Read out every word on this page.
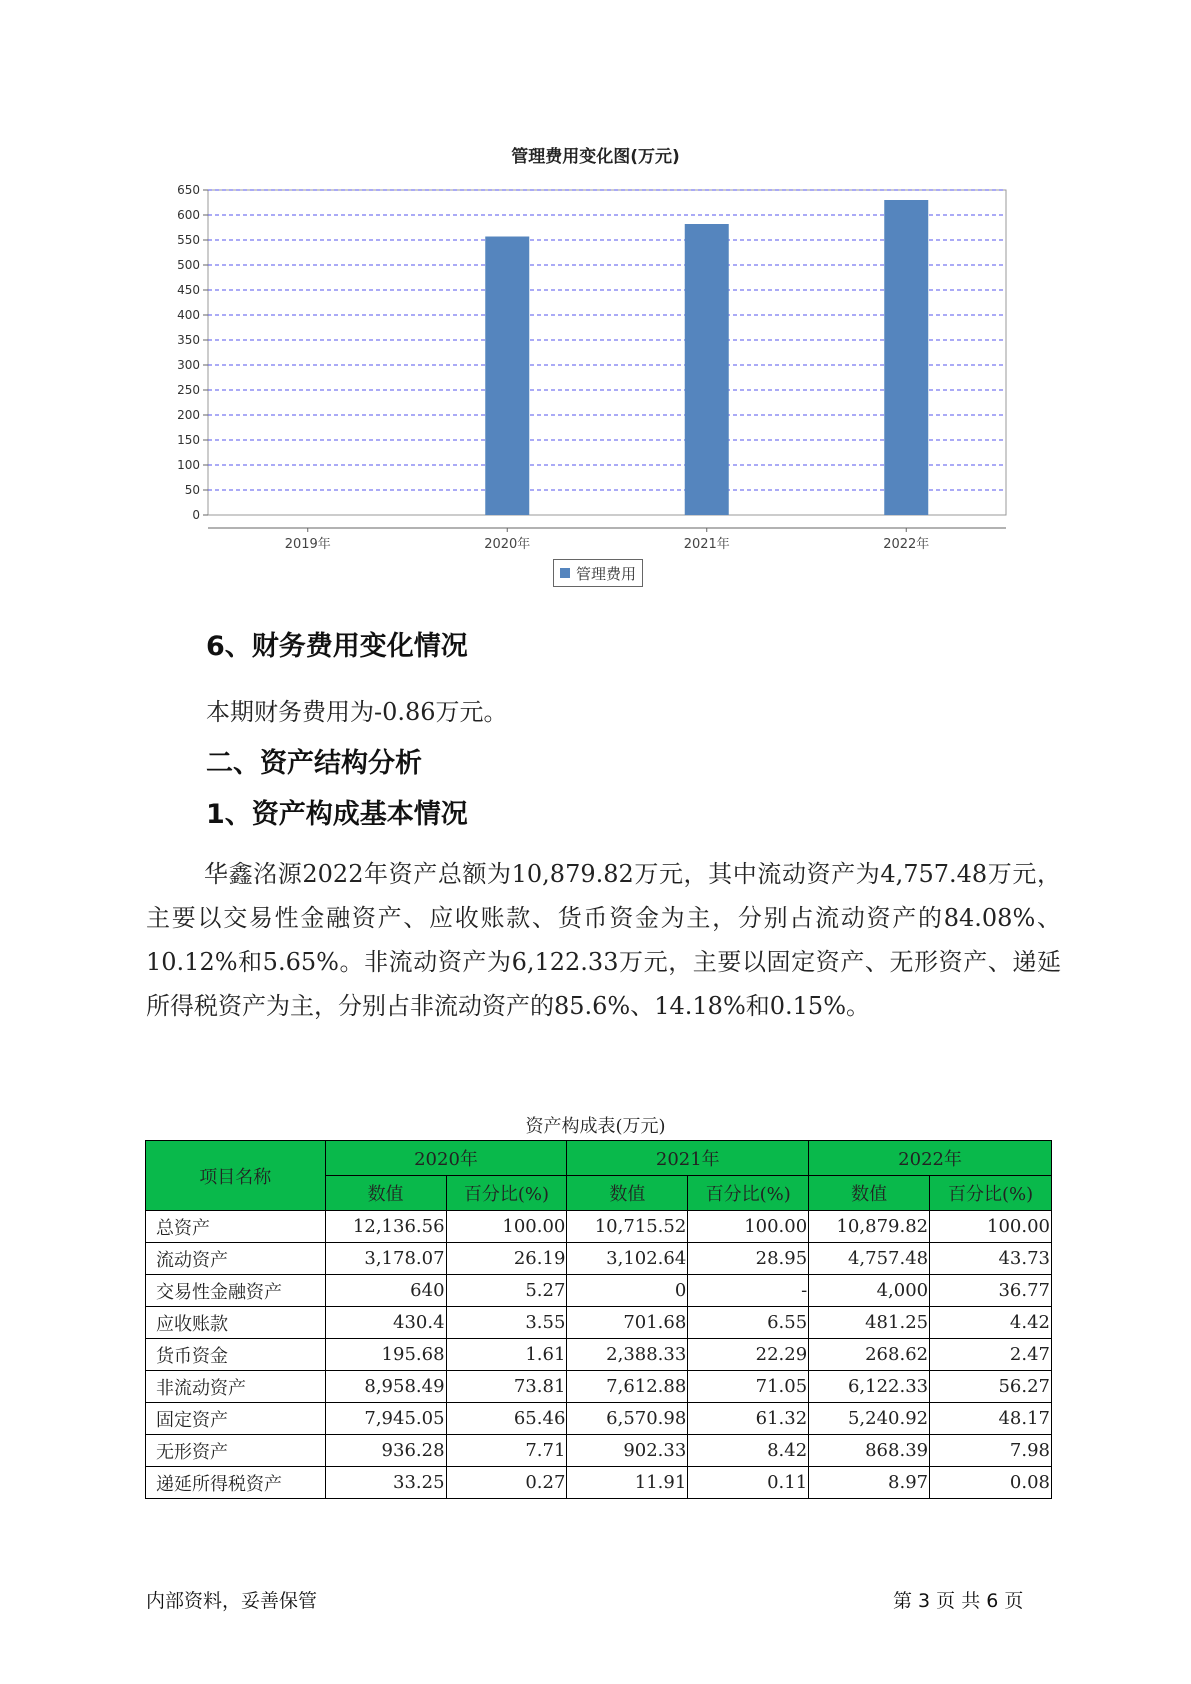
管理费用变化图(万元)
0
50
100
150
200
250
300
350
400
450
500
550
600
650
2019年	2020年	2021年	2022年
管理费用
6、财务费用变化情况
本期财务费用为-0.86万元。
二、资产结构分析
1、资产构成基本情况
华鑫洺源2022年资产总额为10,879.82万元，其中流动资产为4,757.48万元，主要以交易性金融资产、应收账款、货币资金为主，分别占流动资产的84.08%、10.12%和5.65%。非流动资产为6,122.33万元，主要以固定资产、无形资产、递延所得税资产为主，分别占非流动资产的85.6%、14.18%和0.15%。
资产构成表(万元)
项目名称	2020年		2021年		2022年	
	数值	百分比(%)	数值	百分比(%)	数值	百分比(%)
总资产	12,136.56	100.00	10,715.52	100.00	10,879.82	100.00
流动资产	3,178.07	26.19	3,102.64	28.95	4,757.48	43.73
交易性金融资产	640	5.27	0	-	4,000	36.77
应收账款	430.4	3.55	701.68	6.55	481.25	4.42
货币资金	195.68	1.61	2,388.33	22.29	268.62	2.47
非流动资产	8,958.49	73.81	7,612.88	71.05	6,122.33	56.27
固定资产	7,945.05	65.46	6,570.98	61.32	5,240.92	48.17
无形资产	936.28	7.71	902.33	8.42	868.39	7.98
递延所得税资产	33.25	0.27	11.91	0.11	8.97	0.08
内部资料，妥善保管	第 3 页 共 6 页
